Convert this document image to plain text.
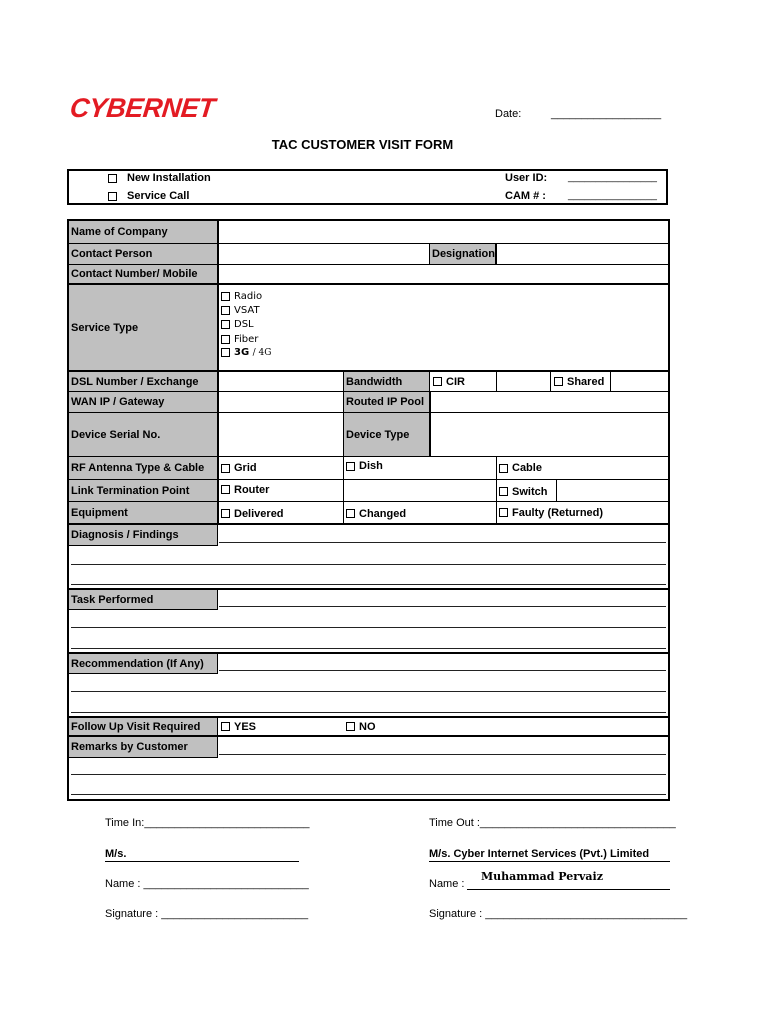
CYBERNET	Date:	__________________
TAC CUSTOMER VISIT FORM
New Installation
Service Call
User ID: ________________
CAM # : ________________
Name of Company
Contact Person	Designation
Contact Number/ Mobile
Service Type
Radio
VSAT
DSL
Fiber
3G / 4G
DSL Number / Exchange	Bandwidth	CIR	Shared
WAN IP / Gateway	Routed IP Pool
Device Serial No.	Device Type
RF Antenna Type & Cable	Grid	Dish	Cable
Link Termination Point	Router	Switch
Equipment	Delivered	Changed	Faulty (Returned)
Diagnosis / Findings
Task Performed
Recommendation (If Any)
Follow Up Visit Required	YES	NO
Remarks by Customer
Time In:___________________________	Time Out :________________________________
M/s.	M/s. Cyber Internet Services (Pvt.) Limited
Name : ___________________________	Name :
Muhammad Pervaiz
Signature : ________________________	Signature : _________________________________
